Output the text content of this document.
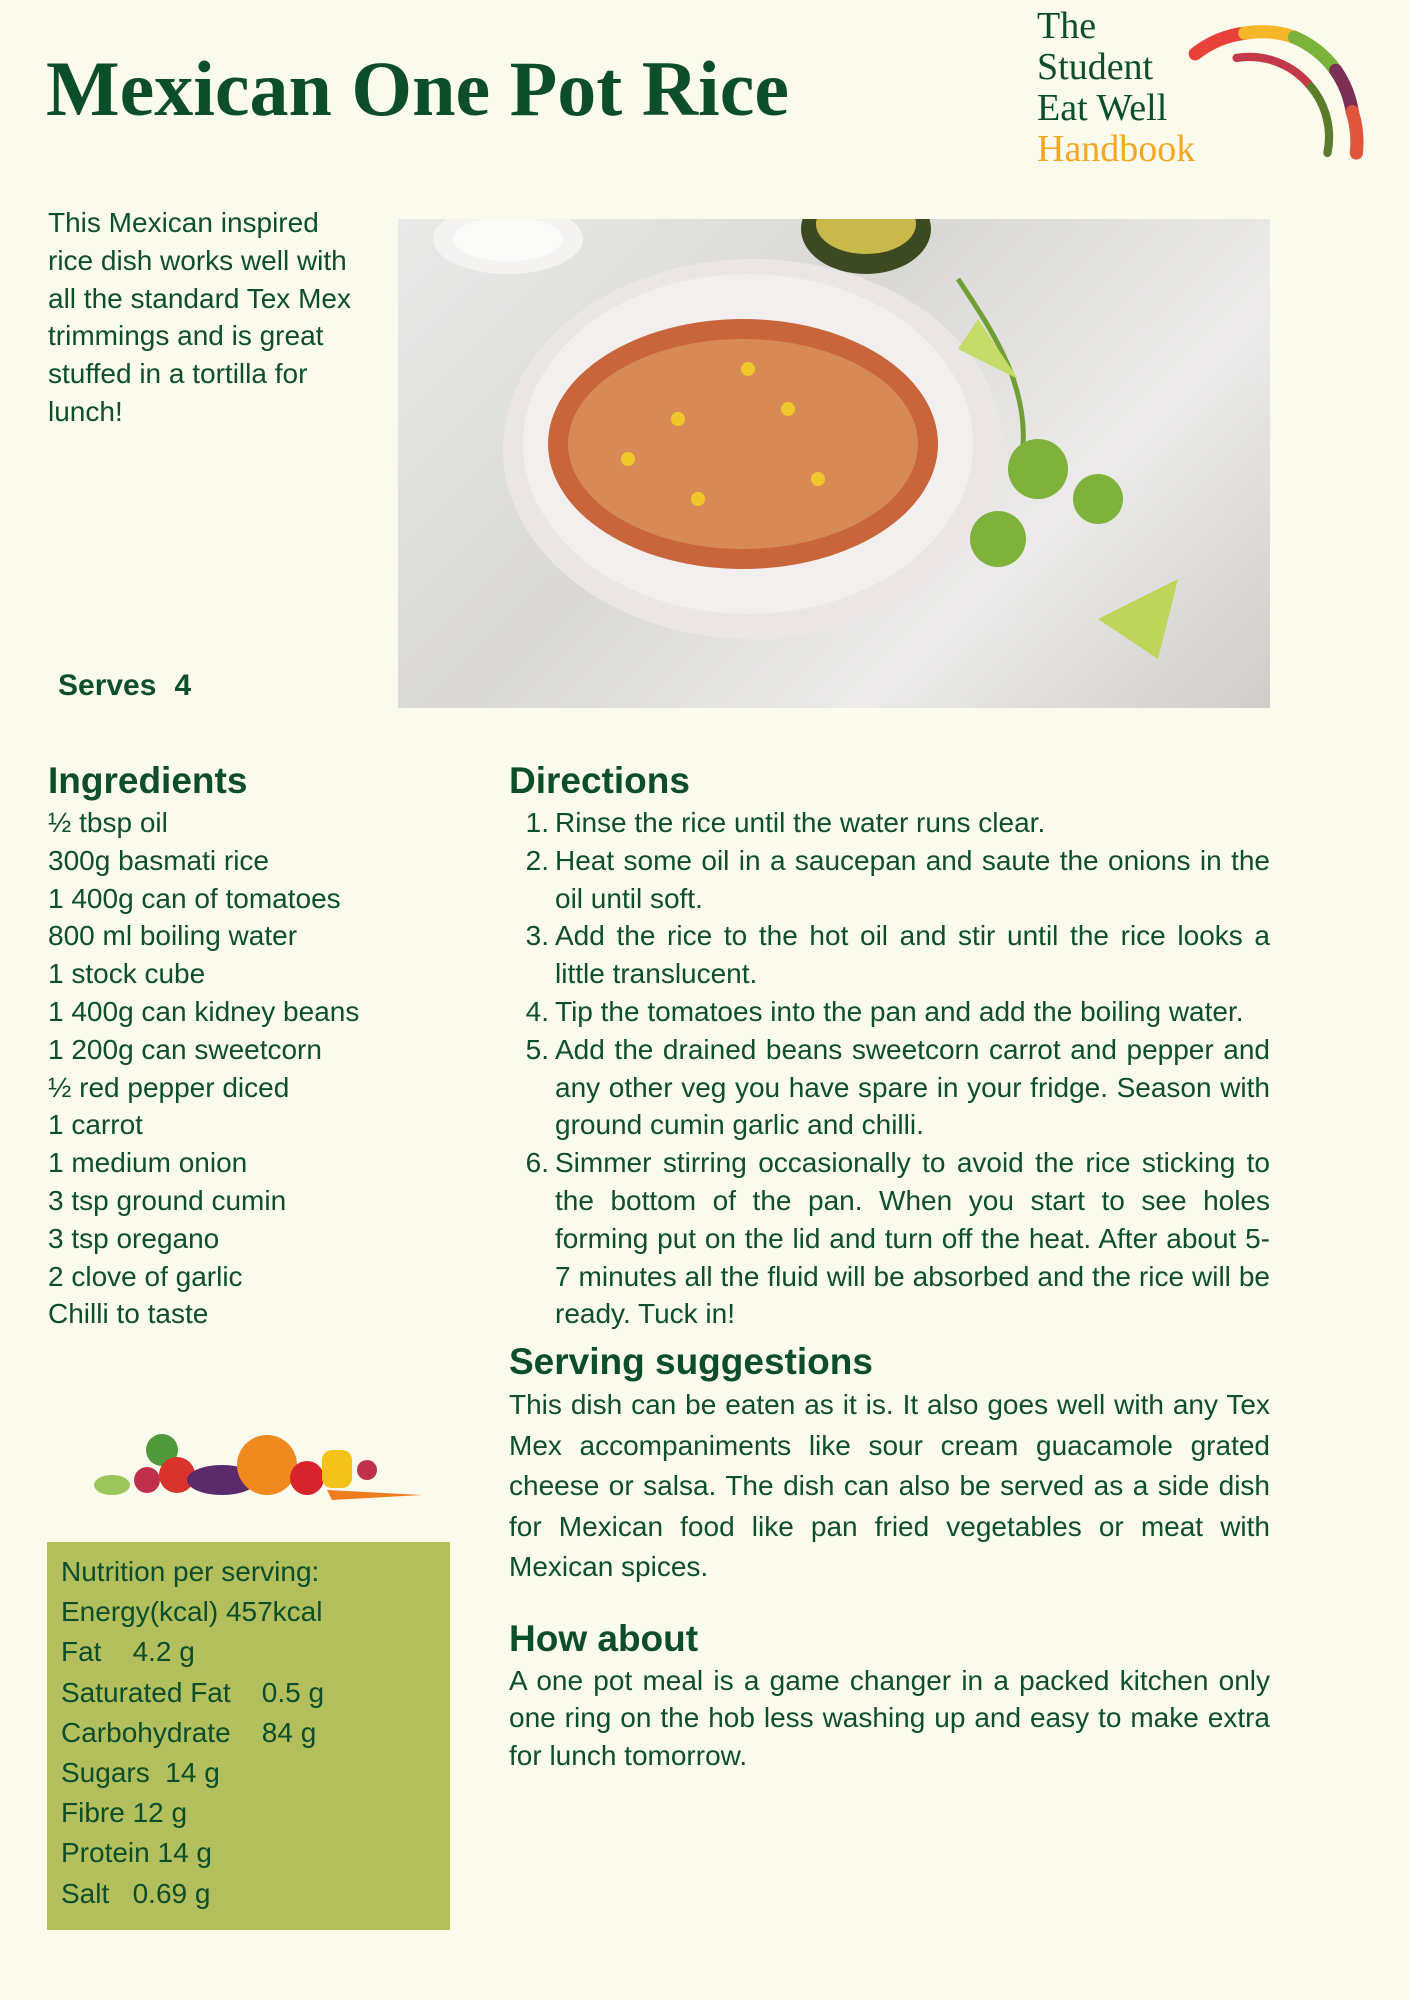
Mexican One Pot Rice
The
Student
Eat Well
Handbook
This Mexican inspired rice dish works well with all the standard Tex Mex trimmings and is great stuffed in a tortilla for lunch!
Serves 4
Ingredients
½ tbsp oil
300g basmati rice
1 400g can of tomatoes
800 ml boiling water
1 stock cube
1 400g can kidney beans
1 200g can sweetcorn
½ red pepper diced
1 carrot
1 medium onion
3 tsp ground cumin
3 tsp oregano
2 clove of garlic
Chilli to taste
Directions
1. Rinse the rice until the water runs clear.
2. Heat some oil in a saucepan and saute the onions in the oil until soft.
3. Add the rice to the hot oil and stir until the rice looks a little translucent.
4. Tip the tomatoes into the pan and add the boiling water.
5. Add the drained beans sweetcorn carrot and pepper and any other veg you have spare in your fridge. Season with ground cumin garlic and chilli.
6. Simmer stirring occasionally to avoid the rice sticking to the bottom of the pan. When you start to see holes forming put on the lid and turn off the heat. After about 5-7 minutes all the fluid will be absorbed and the rice will be ready. Tuck in!
Serving suggestions

This dish can be eaten as it is. It also goes well with any Tex Mex accompaniments like sour cream guacamole grated cheese or salsa. The dish can also be served as a side dish for Mexican food like pan fried vegetables or meat with Mexican spices.

How about

A one pot meal is a game changer in a packed kitchen only one ring on the hob less washing up and easy to make extra for lunch tomorrow.

Nutrition per serving:
Energy(kcal) 457kcal
Fat    4.2 g
Saturated Fat    0.5 g
Carbohydrate    84 g
Sugars  14 g
Fibre 12 g
Protein 14 g
Salt   0.69 g
